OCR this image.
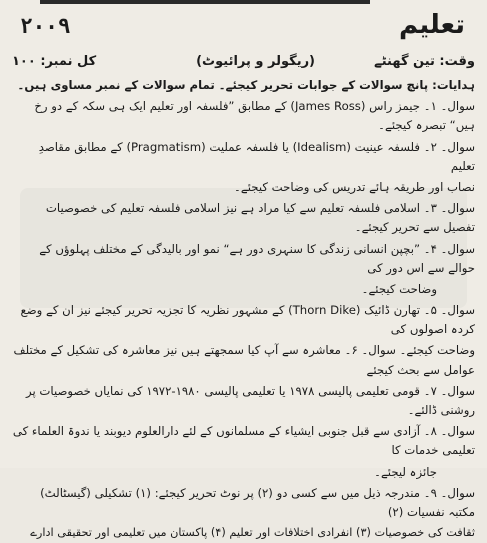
تعلیم
۲۰۰۹
وقت: تین گھنٹے
(ریگولر و پرائیوٹ)
کل نمبر: ۱۰۰
ہدایات: پانچ سوالات کے جوابات تحریر کیجئے۔ تمام سوالات کے نمبر مساوی ہیں۔
سوال۔ ۱۔ جیمز راس (James Ross) کے مطابق ”فلسفہ اور تعلیم ایک ہی سکہ کے دو رخ ہیں“ تبصرہ کیجئے۔
سوال۔ ۲۔ فلسفہ عینیت (Idealism) یا فلسفہ عملیت (Pragmatism) کے مطابق مقاصدِ تعلیم
نصاب اور طریقہ ہائے تدریس کی وضاحت کیجئے۔
سوال۔ ۳۔ اسلامی فلسفہ تعلیم سے کیا مراد ہے نیز اسلامی فلسفہ تعلیم کی خصوصیات تفصیل سے تحریر کیجئے۔
سوال۔ ۴۔ ”بچپن انسانی زندگی کا سنہری دور ہے“ نمو اور بالیدگی کے مختلف پہلوؤں کے حوالے سے اس دور کی
وضاحت کیجئے۔
سوال۔ ۵۔ تھارن ڈائیک (Thorn Dike) کے مشہور نظریہ کا تجزیہ تحریر کیجئے نیز ان کے وضع کردہ اصولوں کی
وضاحت کیجئے۔ سوال۔ ۶۔ معاشرہ سے آپ کیا سمجھتے ہیں نیز معاشرہ کی تشکیل کے مختلف عوامل سے بحث کیجئے
سوال۔ ۷۔ قومی تعلیمی پالیسی ۱۹۷۸ یا تعلیمی پالیسی ۱۹۸۰-۱۹۷۲ کی نمایاں خصوصیات پر روشنی ڈالئے۔
سوال۔ ۸۔ آزادی سے قبل جنوبی ایشیاء کے مسلمانوں کے لئے دارالعلوم دیوبند یا ندوۃ العلماء کی تعلیمی خدمات کا
جائزہ لیجئے۔
سوال۔ ۹۔ مندرجہ ذیل میں سے کسی دو (۲) پر نوٹ تحریر کیجئے: (۱) تشکیلی (گیسٹالٹ) مکتبہ نفسیات (۲)
ثقافت کی خصوصیات (۳) انفرادی اختلافات اور تعلیم (۴) پاکستان میں تعلیمی اور تحقیقی ادارے
